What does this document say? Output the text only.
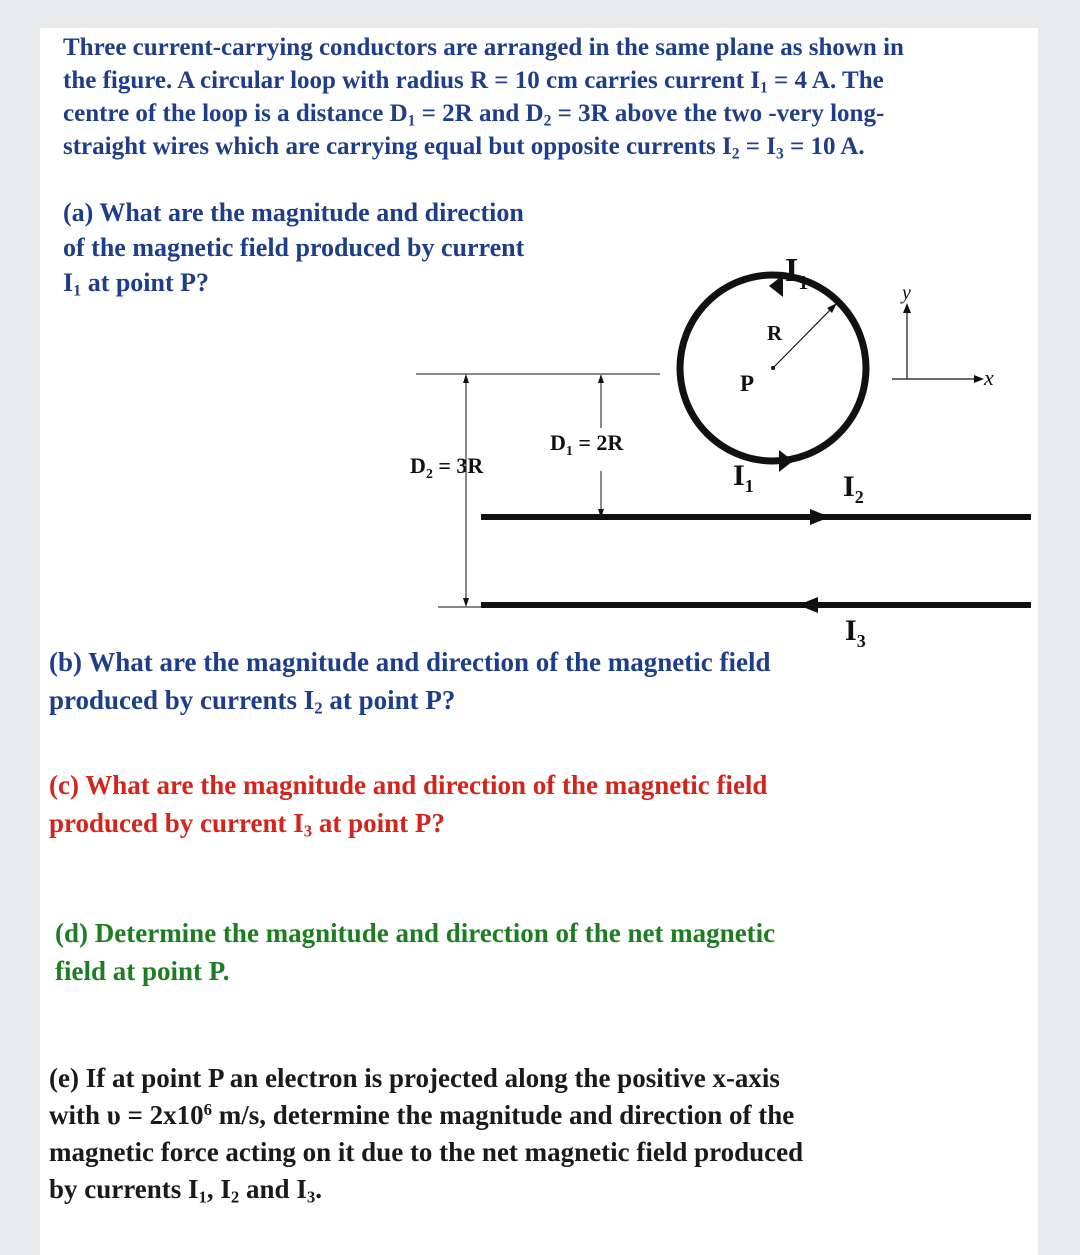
Three current-carrying conductors are arranged in the same plane as shown in
the figure. A circular loop with radius R = 10 cm carries current $I_1 = 4$ A. The
centre of the loop is a distance $D_1 = 2R$ and $D_2 = 3R$ above the two -very long-
straight wires which are carrying equal but opposite currents $I_2 = I_3 = 10$ A.
(a) What are the magnitude and direction
of the magnetic field produced by current
$I_1$ at point P?	$I_1$
$I_1$	$I_2$
$I_3$
R
P
y
x
$D_1 = 2R$
$D_2 = 3R$
(b) What are the magnitude and direction of the magnetic field
produced by currents $I_2$ at point P?
(c) What are the magnitude and direction of the magnetic field
produced by current $I_3$ at point P?
(d) Determine the magnitude and direction of the net magnetic
field at point P.
(e) If at point P an electron is projected along the positive x-axis
with $\upsilon = 2x10^6$ m/s, determine the magnitude and direction of the
magnetic force acting on it due to the net magnetic field produced
by currents $I_1$, $I_2$ and $I_3$.
